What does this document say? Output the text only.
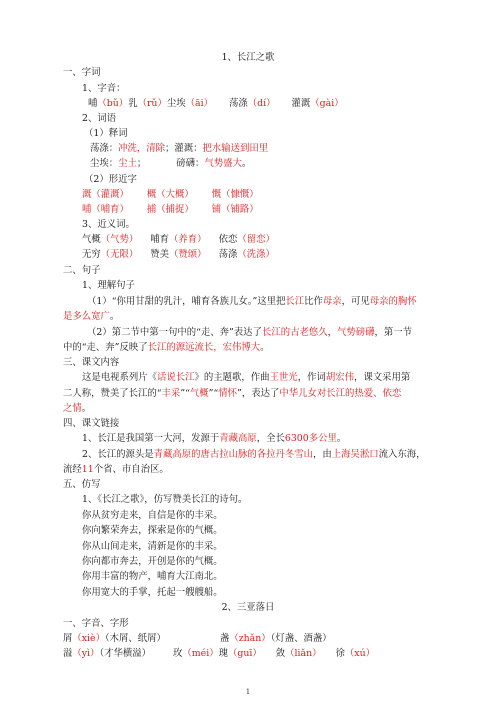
1、长江之歌
一、字词
1、字音：
哺（bǔ）乳（rǔ）尘埃（āi） 荡涤（dí） 灌溉（gài）
2、词语
（1）释词
荡涤：冲洗，清除；灌溉：把水输送到田里
尘埃：尘土；	磅礴：气势盛大。
（2）形近字
溉（灌溉） 概（大概） 慨（慷慨）
哺（哺育） 捕（捕捉） 铺（铺路）
3、近义词。
气概（气势） 哺育（养育） 依恋（留恋）
无穷（无限） 赞美（赞颂） 荡涤（洗涤）
二、句子
1、理解句子
（1）“你用甘甜的乳汁，哺育各族儿女。”这里把长江比作母亲，可见母亲的胸怀
是多么宽广。
（2）第二节中第一句中的“走、奔”表达了长江的古老悠久，气势磅礴，第一节
中的“走、奔”反映了长江的源远流长，宏伟博大。
三、课文内容
这是电视系列片《话说长江》的主题歌，作曲王世光，作词胡宏伟，课文采用第
二人称，赞美了长江的“丰采”“气概”“情怀”，表达了中华儿女对长江的热爱、依恋
之情。
四、课文链接
1、长江是我国第一大河，发源于青藏高原，全长6300多公里。
2、长江的源头是青藏高原的唐古拉山脉的各拉丹冬雪山，由上海吴淞口流入东海，
流经11个省、市自治区。
五、仿写
1、《长江之歌》，仿写赞美长江的诗句。
你从贫穷走来，自信是你的丰采。
你向繁荣奔去，探索是你的气概。
你从山间走来，清新是你的丰采。
你向都市奔去，开创是你的气概。
你用丰富的物产，哺育大江南北。
你用宽大的手掌，托起一艘艘船。
2、三亚落日
一、字音、字形
屑（xiè）（木屑、纸屑）	盏（zhǎn）（灯盏、酒盏）
溢（yì）（才华横溢） 玫（méi）瑰（guī） 敛（liǎn） 徐（xú）
1
